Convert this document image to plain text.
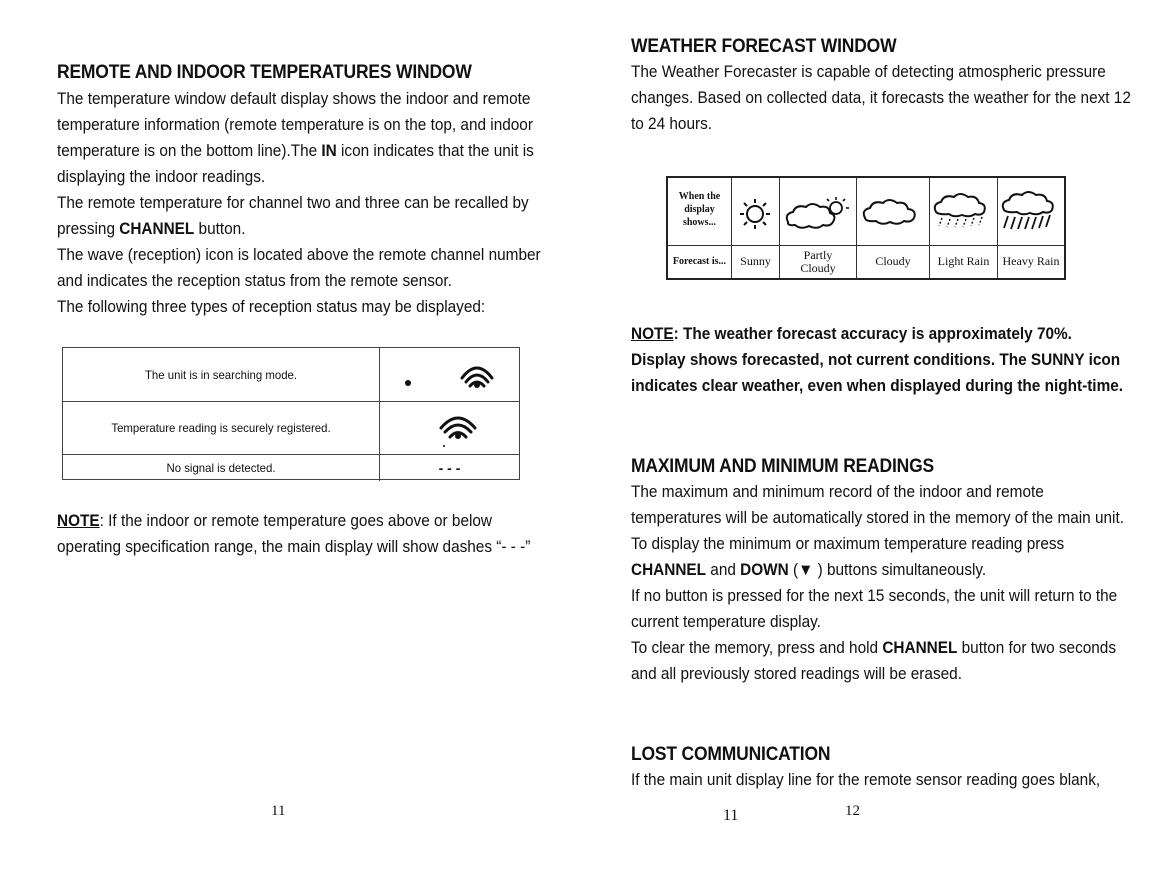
REMOTE AND INDOOR TEMPERATURES WINDOW

The temperature window default display shows the indoor and remote

temperature information (remote temperature is on the top, and indoor

temperature is on the bottom line).The IN icon indicates that the unit is

displaying the indoor readings.

The remote temperature for channel two and three can be recalled by

pressing CHANNEL button.

The wave (reception) icon is located above the remote channel number

and indicates the reception status from the remote sensor.

The following three types of reception status may be displayed:

The unit is in searching mode.
Temperature reading is securely registered.
No signal is detected.	- - -

NOTE: If the indoor or remote temperature goes above or below

operating specification range, the main display will show dashes “- - -”

11
WEATHER FORECAST WINDOW

The Weather Forecaster is capable of detecting atmospheric pressure

changes. Based on collected data, it forecasts the weather for the next 12

to 24 hours.

When the display shows...
Forecast is...	Sunny	Partly Cloudy	Cloudy	Light Rain	Heavy Rain

NOTE: The weather forecast accuracy is approximately 70%.

Display shows forecasted, not current conditions. The SUNNY icon

indicates clear weather, even when displayed during the night-time.

MAXIMUM AND MINIMUM READINGS

The maximum and minimum record of the indoor and remote

temperatures will be automatically stored in the memory of the main unit.

To display the minimum or maximum temperature reading press

CHANNEL and DOWN (▼ ) buttons simultaneously.

If no button is pressed for the next 15 seconds, the unit will return to the

current temperature display.

To clear the memory, press and hold CHANNEL button for two seconds

and all previously stored readings will be erased.

LOST COMMUNICATION

If the main unit display line for the remote sensor reading goes blank,

11	12
